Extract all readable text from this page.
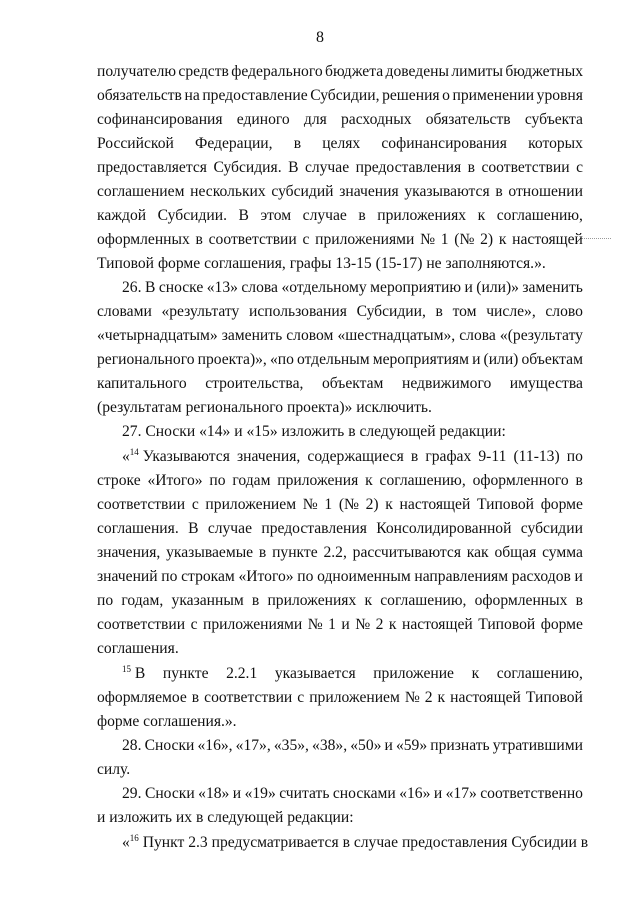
8
получателю средств федерального бюджета доведены лимиты бюджетных
обязательств на предоставление Субсидии, решения о применении уровня
софинансирования единого для расходных обязательств субъекта
Российской Федерации, в целях софинансирования которых
предоставляется Субсидия. В случае предоставления в соответствии с
соглашением нескольких субсидий значения указываются в отношении
каждой Субсидии. В этом случае в приложениях к соглашению,
оформленных в соответствии с приложениями № 1 (№ 2) к настоящей
Типовой форме соглашения, графы 13-15 (15-17) не заполняются.».
26. В сноске «13» слова «отдельному мероприятию и (или)» заменить
словами «результату использования Субсидии, в том числе», слово
«четырнадцатым» заменить словом «шестнадцатым», слова «(результату
регионального проекта)», «по отдельным мероприятиям и (или) объектам
капитального строительства, объектам недвижимого имущества
(результатам регионального проекта)» исключить.
27. Сноски «14» и «15» изложить в следующей редакции:
«$^{14}$ Указываются значения, содержащиеся в графах 9-11 (11-13) по
строке «Итого» по годам приложения к соглашению, оформленного в
соответствии с приложением № 1 (№ 2) к настоящей Типовой форме
соглашения. В случае предоставления Консолидированной субсидии
значения, указываемые в пункте 2.2, рассчитываются как общая сумма
значений по строкам «Итого» по одноименным направлениям расходов и
по годам, указанным в приложениях к соглашению, оформленных в
соответствии с приложениями № 1 и № 2 к настоящей Типовой форме
соглашения.
$^{15}$ В пункте 2.2.1 указывается приложение к соглашению,
оформляемое в соответствии с приложением № 2 к настоящей Типовой
форме соглашения.».
28. Сноски «16», «17», «35», «38», «50» и «59» признать утратившими
силу.
29. Сноски «18» и «19» считать сносками «16» и «17» соответственно
и изложить их в следующей редакции:
«$^{16}$ Пункт 2.3 предусматривается в случае предоставления Субсидии в
